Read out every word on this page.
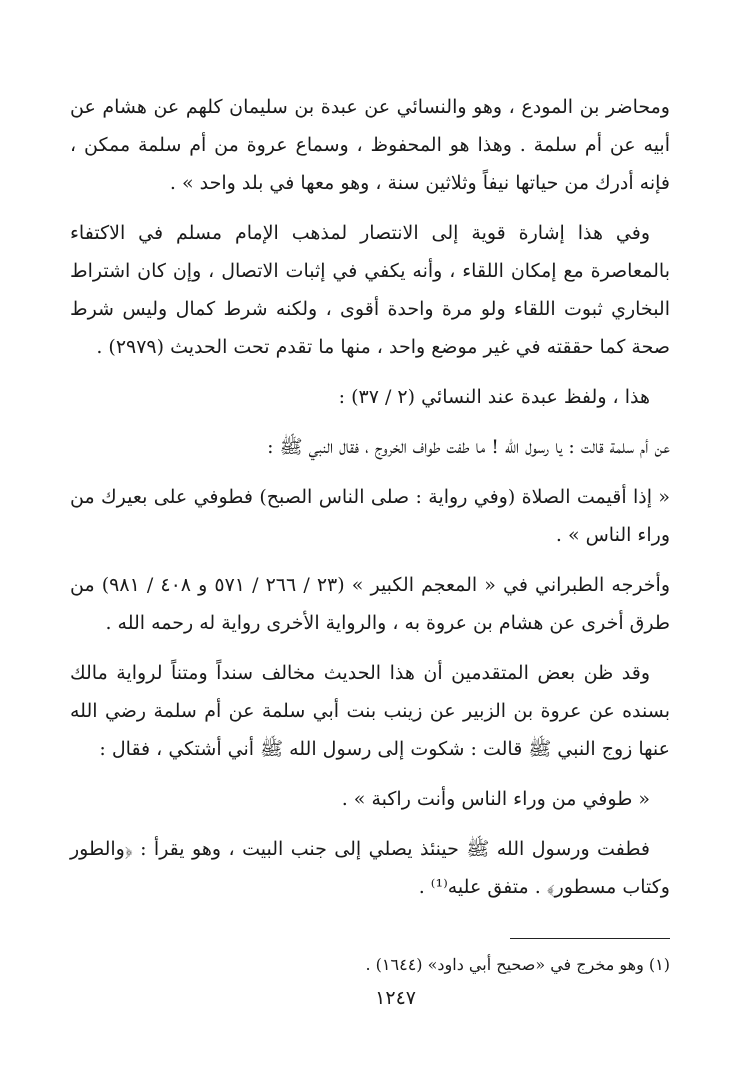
ومحاضر بن المودع ، وهو والنسائي عن عبدة بن سليمان كلهم عن هشام عن أبيه عن أم سلمة . وهذا هو المحفوظ ، وسماع عروة من أم سلمة ممكن ، فإنه أدرك من حياتها نيفاً وثلاثين سنة ، وهو معها في بلد واحد » .

وفي هذا إشارة قوية إلى الانتصار لمذهب الإمام مسلم في الاكتفاء بالمعاصرة مع إمكان اللقاء ، وأنه يكفي في إثبات الاتصال ، وإن كان اشتراط البخاري ثبوت اللقاء ولو مرة واحدة أقوى ، ولكنه شرط كمال وليس شرط صحة كما حققته في غير موضع واحد ، منها ما تقدم تحت الحديث (٢٩٧٩) .

هذا ، ولفظ عبدة عند النسائي (٢ / ٣٧) :

عن أم سلمة قالت : يا رسول الله ! ما طفت طواف الخروج ، فقال النبي ﷺ :

« إذا أقيمت الصلاة (وفي رواية : صلى الناس الصبح) فطوفي على بعيرك من وراء الناس » .

وأخرجه الطبراني في « المعجم الكبير » (٢٣ / ٢٦٦ / ٥٧١ و ٤٠٨ / ٩٨١) من طرق أخرى عن هشام بن عروة به ، والرواية الأخرى رواية له رحمه الله .

وقد ظن بعض المتقدمين أن هذا الحديث مخالف سنداً ومتناً لرواية مالك بسنده عن عروة بن الزبير عن زينب بنت أبي سلمة عن أم سلمة رضي الله عنها زوج النبي ﷺ قالت : شكوت إلى رسول الله ﷺ أني أشتكي ، فقال :

« طوفي من وراء الناس وأنت راكبة » .

فطفت ورسول الله ﷺ حينئذ يصلي إلى جنب البيت ، وهو يقرأ : ﴿والطور وكتاب مسطور﴾ . متفق عليه⁽¹⁾ .

(١) وهو مخرج في «صحيح أبي داود» (١٦٤٤) .
١٢٤٧
